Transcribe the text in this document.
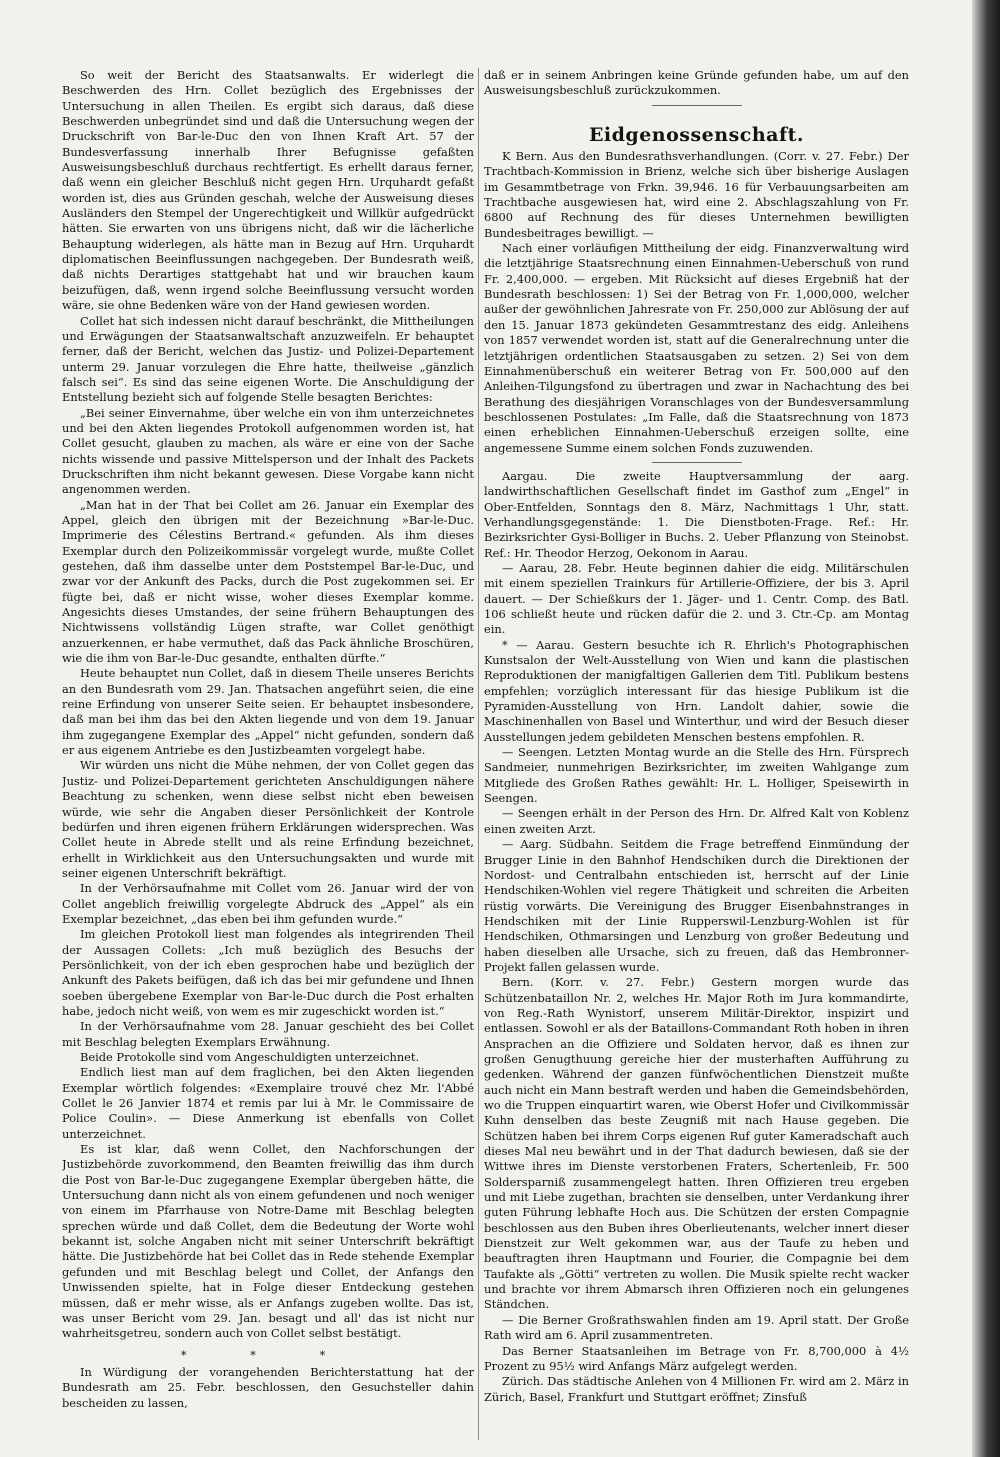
So weit der Bericht des Staatsanwalts. Er widerlegt die Beschwerden des Hrn. Collet bezüglich des Ergebnisses der Untersuchung in allen Theilen. Es ergibt sich daraus, daß diese Beschwerden unbegründet sind und daß die Untersuchung wegen der Druckschrift von Bar-le-Duc den von Ihnen Kraft Art. 57 der Bundesverfassung innerhalb Ihrer Befugnisse gefaßten Ausweisungsbeschluß durchaus rechtfertigt. Es erhellt daraus ferner, daß wenn ein gleicher Beschluß nicht gegen Hrn. Urquhardt gefaßt worden ist, dies aus Gründen geschah, welche der Ausweisung dieses Ausländers den Stempel der Ungerechtigkeit und Willkür aufgedrückt hätten. Sie erwarten von uns übrigens nicht, daß wir die lächerliche Behauptung widerlegen, als hätte man in Bezug auf Hrn. Urquhardt diplomatischen Beeinflussungen nachgegeben. Der Bundesrath weiß, daß nichts Derartiges stattgehabt hat und wir brauchen kaum beizufügen, daß, wenn irgend solche Beeinflussung versucht worden wäre, sie ohne Bedenken wäre von der Hand gewiesen worden.

Collet hat sich indessen nicht darauf beschränkt, die Mittheilungen und Erwägungen der Staatsanwaltschaft anzuzweifeln. Er behauptet ferner, daß der Bericht, welchen das Justiz- und Polizei-Departement unterm 29. Januar vorzulegen die Ehre hatte, theilweise „gänzlich falsch sei“. Es sind das seine eigenen Worte. Die Anschuldigung der Entstellung bezieht sich auf folgende Stelle besagten Berichtes:

„Bei seiner Einvernahme, über welche ein von ihm unterzeichnetes und bei den Akten liegendes Protokoll aufgenommen worden ist, hat Collet gesucht, glauben zu machen, als wäre er eine von der Sache nichts wissende und passive Mittelsperson und der Inhalt des Packets Druckschriften ihm nicht bekannt gewesen. Diese Vorgabe kann nicht angenommen werden.

„Man hat in der That bei Collet am 26. Januar ein Exemplar des Appel, gleich den übrigen mit der Bezeichnung »Bar-le-Duc. Imprimerie des Célestins Bertrand.« gefunden. Als ihm dieses Exemplar durch den Polizeikommissär vorgelegt wurde, mußte Collet gestehen, daß ihm dasselbe unter dem Poststempel Bar-le-Duc, und zwar vor der Ankunft des Packs, durch die Post zugekommen sei. Er fügte bei, daß er nicht wisse, woher dieses Exemplar komme. Angesichts dieses Umstandes, der seine frühern Behauptungen des Nichtwissens vollständig Lügen strafte, war Collet genöthigt anzuerkennen, er habe vermuthet, daß das Pack ähnliche Broschüren, wie die ihm von Bar-le-Duc gesandte, enthalten dürfte.“

Heute behauptet nun Collet, daß in diesem Theile unseres Berichts an den Bundesrath vom 29. Jan. Thatsachen angeführt seien, die eine reine Erfindung von unserer Seite seien. Er behauptet insbesondere, daß man bei ihm das bei den Akten liegende und von dem 19. Januar ihm zugegangene Exemplar des „Appel“ nicht gefunden, sondern daß er aus eigenem Antriebe es den Justizbeamten vorgelegt habe.

Wir würden uns nicht die Mühe nehmen, der von Collet gegen das Justiz- und Polizei-Departement gerichteten Anschuldigungen nähere Beachtung zu schenken, wenn diese selbst nicht eben beweisen würde, wie sehr die Angaben dieser Persönlichkeit der Kontrole bedürfen und ihren eigenen frühern Erklärungen widersprechen. Was Collet heute in Abrede stellt und als reine Erfindung bezeichnet, erhellt in Wirklichkeit aus den Untersuchungsakten und wurde mit seiner eigenen Unterschrift bekräftigt.

In der Verhörsaufnahme mit Collet vom 26. Januar wird der von Collet angeblich freiwillig vorgelegte Abdruck des „Appel“ als ein Exemplar bezeichnet, „das eben bei ihm gefunden wurde.“

Im gleichen Protokoll liest man folgendes als integrirenden Theil der Aussagen Collets: „Ich muß bezüglich des Besuchs der Persönlichkeit, von der ich eben gesprochen habe und bezüglich der Ankunft des Pakets beifügen, daß ich das bei mir gefundene und Ihnen soeben übergebene Exemplar von Bar-le-Duc durch die Post erhalten habe, jedoch nicht weiß, von wem es mir zugeschickt worden ist.“

In der Verhörsaufnahme vom 28. Januar geschieht des bei Collet mit Beschlag belegten Exemplars Erwähnung.

Beide Protokolle sind vom Angeschuldigten unterzeichnet.

Endlich liest man auf dem fraglichen, bei den Akten liegenden Exemplar wörtlich folgendes: «Exemplaire trouvé chez Mr. l'Abbé Collet le 26 Janvier 1874 et remis par lui à Mr. le Commissaire de Police Coulin». — Diese Anmerkung ist ebenfalls von Collet unterzeichnet.

Es ist klar, daß wenn Collet, den Nachforschungen der Justizbehörde zuvorkommend, den Beamten freiwillig das ihm durch die Post von Bar-le-Duc zugegangene Exemplar übergeben hätte, die Untersuchung dann nicht als von einem gefundenen und noch weniger von einem im Pfarrhause von Notre-Dame mit Beschlag belegten sprechen würde und daß Collet, dem die Bedeutung der Worte wohl bekannt ist, solche Angaben nicht mit seiner Unterschrift bekräftigt hätte. Die Justizbehörde hat bei Collet das in Rede stehende Exemplar gefunden und mit Beschlag belegt und Collet, der Anfangs den Unwissenden spielte, hat in Folge dieser Entdeckung gestehen müssen, daß er mehr wisse, als er Anfangs zugeben wollte. Das ist, was unser Bericht vom 29. Jan. besagt und all' das ist nicht nur wahrheitsgetreu, sondern auch von Collet selbst bestätigt.

* * *

In Würdigung der vorangehenden Berichterstattung hat der Bundesrath am 25. Febr. beschlossen, den Gesuchsteller dahin bescheiden zu lassen,

daß er in seinem Anbringen keine Gründe gefunden habe, um auf den Ausweisungsbeschluß zurückzukommen.

Eidgenossenschaft.

K Bern. Aus den Bundesrathsverhandlungen. (Corr. v. 27. Febr.) Der Trachtbach-Kommission in Brienz, welche sich über bisherige Auslagen im Gesammtbetrage von Frkn. 39,946. 16 für Verbauungsarbeiten am Trachtbache ausgewiesen hat, wird eine 2. Abschlagszahlung von Fr. 6800 auf Rechnung des für dieses Unternehmen bewilligten Bundesbeitrages bewilligt. —

Nach einer vorläufigen Mittheilung der eidg. Finanzverwaltung wird die letztjährige Staatsrechnung einen Einnahmen-Ueberschuß von rund Fr. 2,400,000. — ergeben. Mit Rücksicht auf dieses Ergebniß hat der Bundesrath beschlossen: 1) Sei der Betrag von Fr. 1,000,000, welcher außer der gewöhnlichen Jahresrate von Fr. 250,000 zur Ablösung der auf den 15. Januar 1873 gekündeten Gesammtrestanz des eidg. Anleihens von 1857 verwendet worden ist, statt auf die Generalrechnung unter die letztjährigen ordentlichen Staatsausgaben zu setzen. 2) Sei von dem Einnahmenüberschuß ein weiterer Betrag von Fr. 500,000 auf den Anleihen-Tilgungsfond zu übertragen und zwar in Nachachtung des bei Berathung des diesjährigen Voranschlages von der Bundesversammlung beschlossenen Postulates: „Im Falle, daß die Staatsrechnung von 1873 einen erheblichen Einnahmen-Ueberschuß erzeigen sollte, eine angemessene Summe einem solchen Fonds zuzuwenden.

Aargau. Die zweite Hauptversammlung der aarg. landwirthschaftlichen Gesellschaft findet im Gasthof zum „Engel“ in Ober-Entfelden, Sonntags den 8. März, Nachmittags 1 Uhr, statt. Verhandlungsgegenstände: 1. Die Dienstboten-Frage. Ref.: Hr. Bezirksrichter Gysi-Bolliger in Buchs. 2. Ueber Pflanzung von Steinobst. Ref.: Hr. Theodor Herzog, Oekonom in Aarau.

— Aarau, 28. Febr. Heute beginnen dahier die eidg. Militärschulen mit einem speziellen Trainkurs für Artillerie-Offiziere, der bis 3. April dauert. — Der Schießkurs der 1. Jäger- und 1. Centr. Comp. des Batl. 106 schließt heute und rücken dafür die 2. und 3. Ctr.-Cp. am Montag ein.

* — Aarau. Gestern besuchte ich R. Ehrlich's Photographischen Kunstsalon der Welt-Ausstellung von Wien und kann die plastischen Reproduktionen der manigfaltigen Gallerien dem Titl. Publikum bestens empfehlen; vorzüglich interessant für das hiesige Publikum ist die Pyramiden-Ausstellung von Hrn. Landolt dahier, sowie die Maschinenhallen von Basel und Winterthur, und wird der Besuch dieser Ausstellungen jedem gebildeten Menschen bestens empfohlen. R.

— Seengen. Letzten Montag wurde an die Stelle des Hrn. Fürsprech Sandmeier, nunmehrigen Bezirksrichter, im zweiten Wahlgange zum Mitgliede des Großen Rathes gewählt: Hr. L. Holliger, Speisewirth in Seengen.

— Seengen erhält in der Person des Hrn. Dr. Alfred Kalt von Koblenz einen zweiten Arzt.

— Aarg. Südbahn. Seitdem die Frage betreffend Einmündung der Brugger Linie in den Bahnhof Hendschiken durch die Direktionen der Nordost- und Centralbahn entschieden ist, herrscht auf der Linie Hendschiken-Wohlen viel regere Thätigkeit und schreiten die Arbeiten rüstig vorwärts. Die Vereinigung des Brugger Eisenbahnstranges in Hendschiken mit der Linie Rupperswil-Lenzburg-Wohlen ist für Hendschiken, Othmarsingen und Lenzburg von großer Bedeutung und haben dieselben alle Ursache, sich zu freuen, daß das Hembronner-Projekt fallen gelassen wurde.

Bern. (Korr. v. 27. Febr.) Gestern morgen wurde das Schützenbataillon Nr. 2, welches Hr. Major Roth im Jura kommandirte, von Reg.-Rath Wynistorf, unserem Militär-Direktor, inspizirt und entlassen. Sowohl er als der Bataillons-Commandant Roth hoben in ihren Ansprachen an die Offiziere und Soldaten hervor, daß es ihnen zur großen Genugthuung gereiche hier der musterhaften Aufführung zu gedenken. Während der ganzen fünfwöchentlichen Dienstzeit mußte auch nicht ein Mann bestraft werden und haben die Gemeindsbehörden, wo die Truppen einquartirt waren, wie Oberst Hofer und Civilkommissär Kuhn denselben das beste Zeugniß mit nach Hause gegeben. Die Schützen haben bei ihrem Corps eigenen Ruf guter Kameradschaft auch dieses Mal neu bewährt und in der That dadurch bewiesen, daß sie der Wittwe ihres im Dienste verstorbenen Fraters, Schertenleib, Fr. 500 Soldersparniß zusammengelegt hatten. Ihren Offizieren treu ergeben und mit Liebe zugethan, brachten sie denselben, unter Verdankung ihrer guten Führung lebhafte Hoch aus. Die Schützen der ersten Compagnie beschlossen aus den Buben ihres Oberlieutenants, welcher innert dieser Dienstzeit zur Welt gekommen war, aus der Taufe zu heben und beauftragten ihren Hauptmann und Fourier, die Compagnie bei dem Taufakte als „Götti“ vertreten zu wollen. Die Musik spielte recht wacker und brachte vor ihrem Abmarsch ihren Offizieren noch ein gelungenes Ständchen.

— Die Berner Großrathswahlen finden am 19. April statt. Der Große Rath wird am 6. April zusammentreten.

Das Berner Staatsanleihen im Betrage von Fr. 8,700,000 à 4½ Prozent zu 95½ wird Anfangs März aufgelegt werden.

Zürich. Das städtische Anlehen von 4 Millionen Fr. wird am 2. März in Zürich, Basel, Frankfurt und Stuttgart eröffnet; Zinsfuß
